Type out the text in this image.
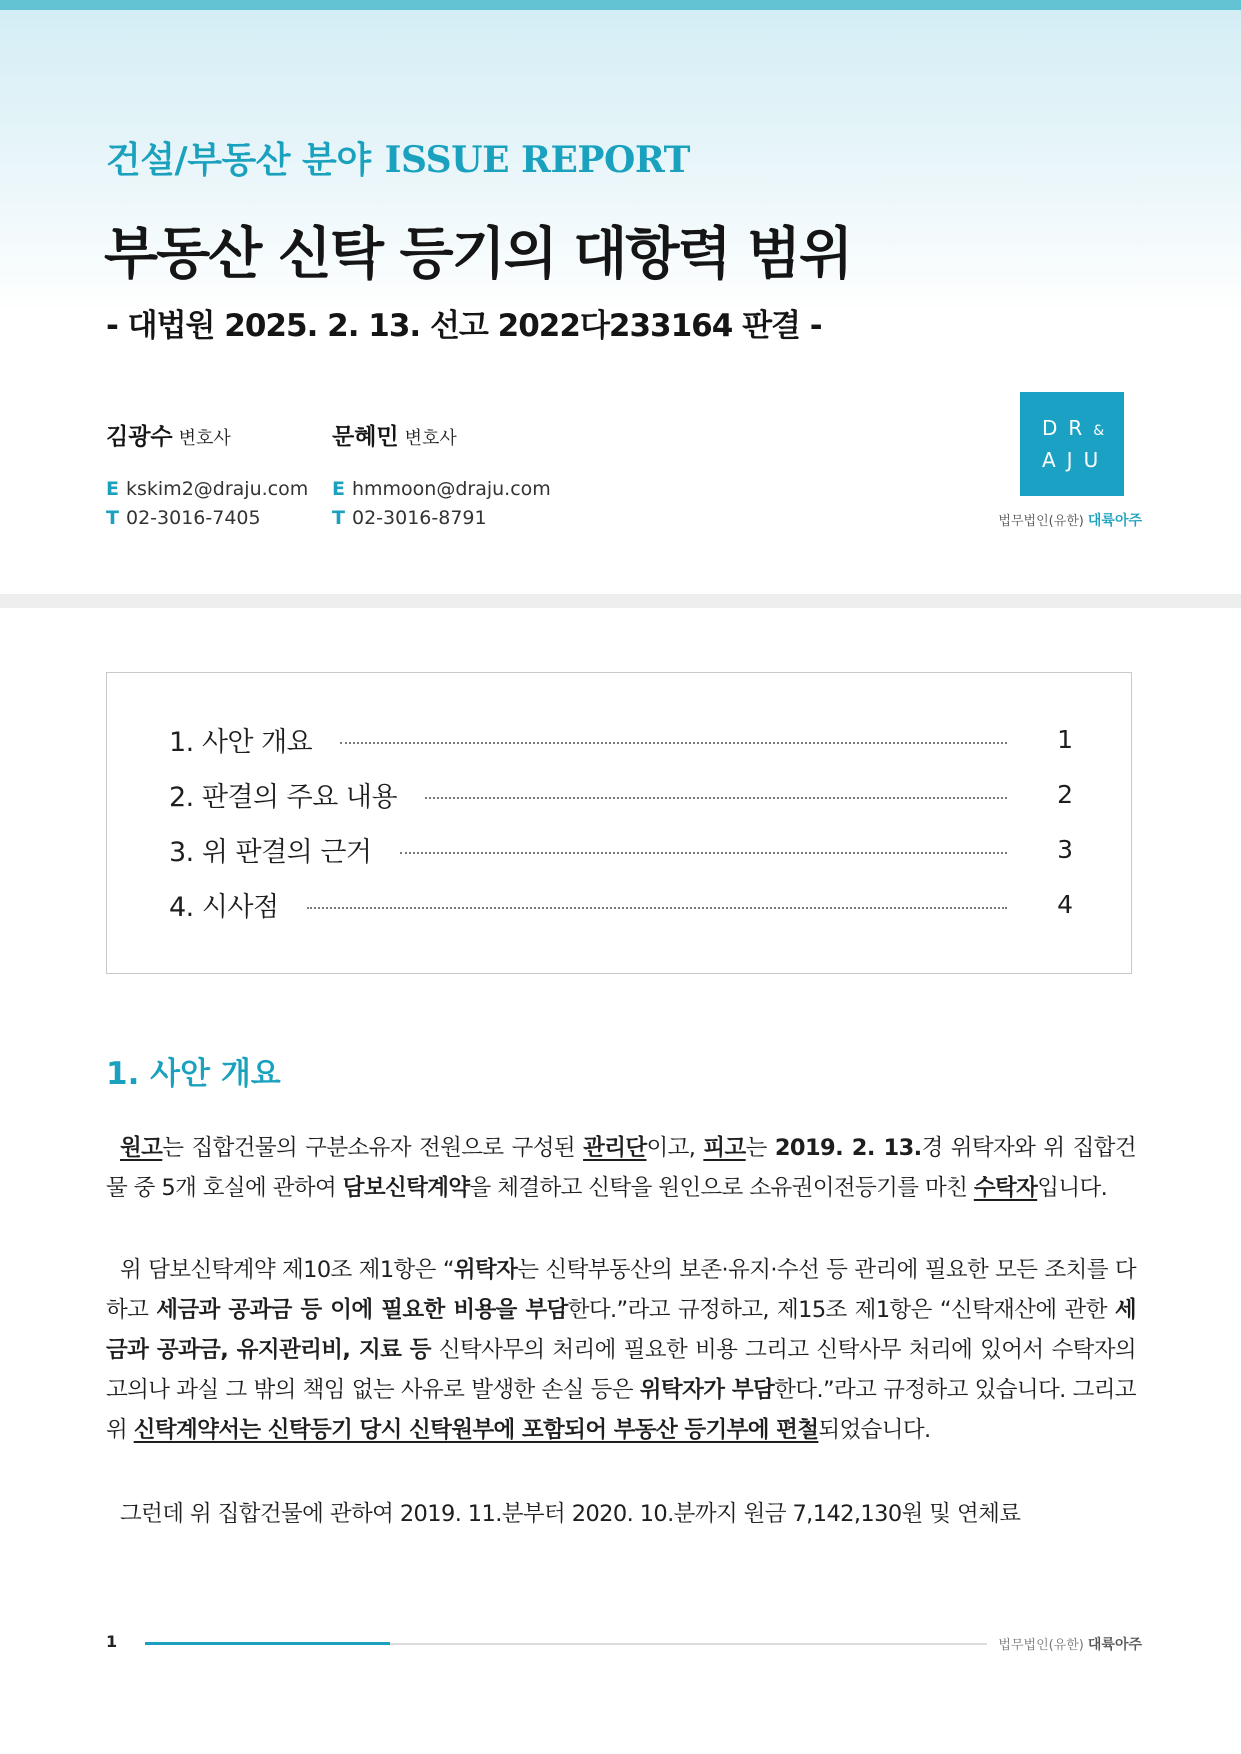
건설/부동산 분야 ISSUE REPORT
부동산 신탁 등기의 대항력 범위
- 대법원 2025. 2. 13. 선고 2022다233164 판결 -
김광수 변호사
E kskim2@draju.com
T 02-3016-7405
문혜민 변호사
E hmmoon@draju.com
T 02-3016-8791
DR&
AJU
법무법인(유한) 대륙아주
1. 사안 개요	1
2. 판결의 주요 내용	2
3. 위 판결의 근거	3
4. 시사점	4
1. 사안 개요
원고는 집합건물의 구분소유자 전원으로 구성된 관리단이고, 피고는 2019. 2. 13.경 위탁자와 위 집합건물 중 5개 호실에 관하여 담보신탁계약을 체결하고 신탁을 원인으로 소유권이전등기를 마친 수탁자입니다.
위 담보신탁계약 제10조 제1항은 “위탁자는 신탁부동산의 보존·유지·수선 등 관리에 필요한 모든 조치를 다하고 세금과 공과금 등 이에 필요한 비용을 부담한다.”라고 규정하고, 제15조 제1항은 “신탁재산에 관한 세금과 공과금, 유지관리비, 지료 등 신탁사무의 처리에 필요한 비용 그리고 신탁사무 처리에 있어서 수탁자의 고의나 과실 그 밖의 책임 없는 사유로 발생한 손실 등은 위탁자가 부담한다.”라고 규정하고 있습니다. 그리고 위 신탁계약서는 신탁등기 당시 신탁원부에 포함되어 부동산 등기부에 편철되었습니다.
그런데 위 집합건물에 관하여 2019. 11.분부터 2020. 10.분까지 원금 7,142,130원 및 연체료
1	법무법인(유한) 대륙아주
